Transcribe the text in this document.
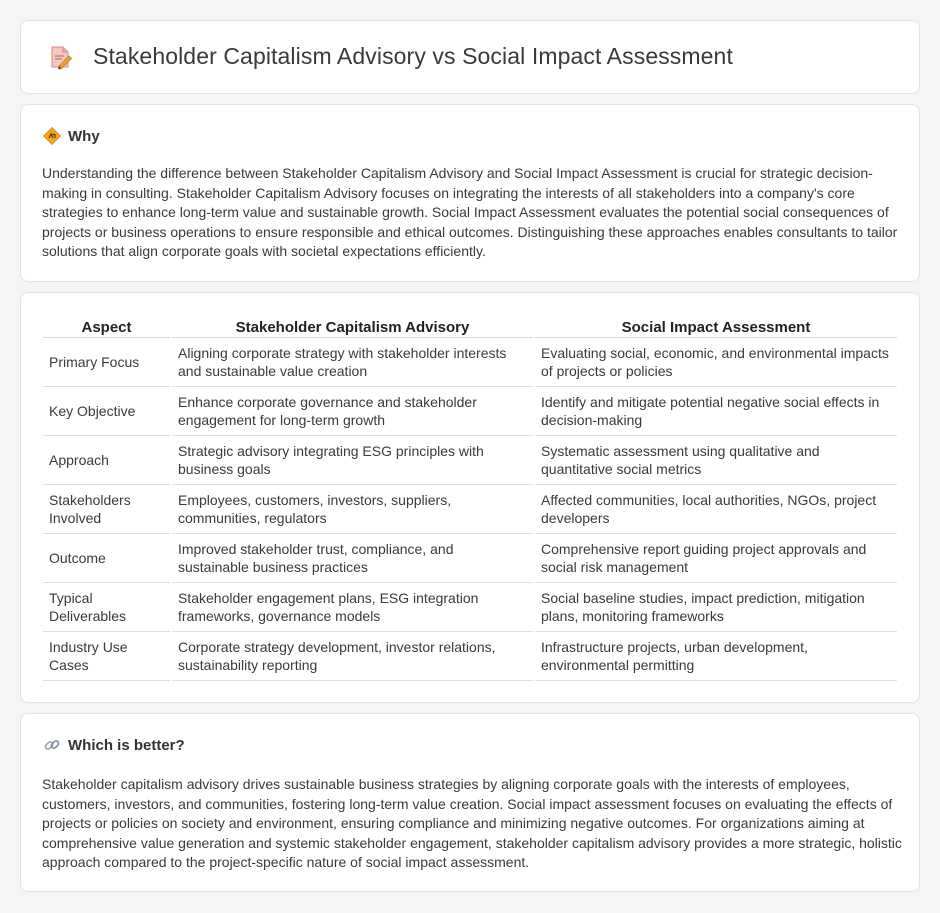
Stakeholder Capitalism Advisory vs Social Impact Assessment
Why

Understanding the difference between Stakeholder Capitalism Advisory and Social Impact Assessment is crucial for strategic decision-making in consulting. Stakeholder Capitalism Advisory focuses on integrating the interests of all stakeholders into a company's core strategies to enhance long-term value and sustainable growth. Social Impact Assessment evaluates the potential social consequences of projects or business operations to ensure responsible and ethical outcomes. Distinguishing these approaches enables consultants to tailor solutions that align corporate goals with societal expectations efficiently.

Aspect	Stakeholder Capitalism Advisory	Social Impact Assessment
Primary Focus	Aligning corporate strategy with stakeholder interests and sustainable value creation	Evaluating social, economic, and environmental impacts of projects or policies
Key Objective	Enhance corporate governance and stakeholder engagement for long-term growth	Identify and mitigate potential negative social effects in decision-making
Approach	Strategic advisory integrating ESG principles with business goals	Systematic assessment using qualitative and quantitative social metrics
Stakeholders Involved	Employees, customers, investors, suppliers, communities, regulators	Affected communities, local authorities, NGOs, project developers
Outcome	Improved stakeholder trust, compliance, and sustainable business practices	Comprehensive report guiding project approvals and social risk management
Typical Deliverables	Stakeholder engagement plans, ESG integration frameworks, governance models	Social baseline studies, impact prediction, mitigation plans, monitoring frameworks
Industry Use Cases	Corporate strategy development, investor relations, sustainability reporting	Infrastructure projects, urban development, environmental permitting
Which is better?

Stakeholder capitalism advisory drives sustainable business strategies by aligning corporate goals with the interests of employees, customers, investors, and communities, fostering long-term value creation. Social impact assessment focuses on evaluating the effects of projects or policies on society and environment, ensuring compliance and minimizing negative outcomes. For organizations aiming at comprehensive value generation and systemic stakeholder engagement, stakeholder capitalism advisory provides a more strategic, holistic approach compared to the project-specific nature of social impact assessment.
